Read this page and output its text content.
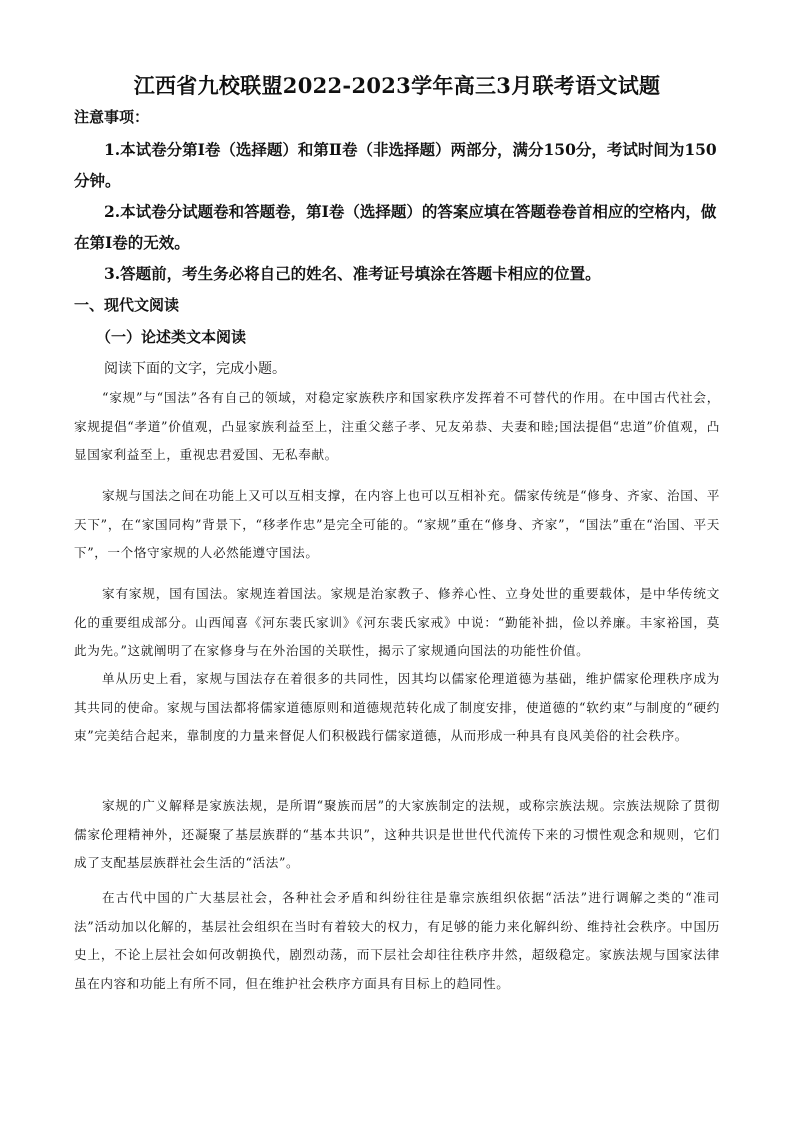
江西省九校联盟2022-2023学年高三3月联考语文试题
注意事项：
1.本试卷分第Ⅰ卷（选择题）和第Ⅱ卷（非选择题）两部分，满分150分，考试时间为150分钟。
2.本试卷分试题卷和答题卷，第Ⅰ卷（选择题）的答案应填在答题卷卷首相应的空格内，做在第Ⅰ卷的无效。
3.答题前，考生务必将自己的姓名、准考证号填涂在答题卡相应的位置。
一、现代文阅读
（一）论述类文本阅读
阅读下面的文字，完成小题。
“家规”与“国法”各有自己的领域，对稳定家族秩序和国家秩序发挥着不可替代的作用。在中国古代社会，家规提倡“孝道”价值观，凸显家族利益至上，注重父慈子孝、兄友弟恭、夫妻和睦;国法提倡“忠道”价值观，凸显国家利益至上，重视忠君爱国、无私奉献。
家规与国法之间在功能上又可以互相支撑，在内容上也可以互相补充。儒家传统是“修身、齐家、治国、平天下”，在“家国同构”背景下，“移孝作忠”是完全可能的。“家规”重在“修身、齐家”，“国法”重在“治国、平天下”，一个恪守家规的人必然能遵守国法。
家有家规，国有国法。家规连着国法。家规是治家教子、修养心性、立身处世的重要载体，是中华传统文化的重要组成部分。山西闻喜《河东裴氏家训》《河东裴氏家戒》中说：“勤能补拙，俭以养廉。丰家裕国，莫此为先。”这就阐明了在家修身与在外治国的关联性，揭示了家规通向国法的功能性价值。
单从历史上看，家规与国法存在着很多的共同性，因其均以儒家伦理道德为基础，维护儒家伦理秩序成为其共同的使命。家规与国法都将儒家道德原则和道德规范转化成了制度安排，使道德的“软约束”与制度的“硬约束”完美结合起来，靠制度的力量来督促人们积极践行儒家道德，从而形成一种具有良风美俗的社会秩序。
家规的广义解释是家族法规，是所谓“聚族而居”的大家族制定的法规，或称宗族法规。宗族法规除了贯彻儒家伦理精神外，还凝聚了基层族群的“基本共识”，这种共识是世世代代流传下来的习惯性观念和规则，它们成了支配基层族群社会生活的“活法”。
在古代中国的广大基层社会，各种社会矛盾和纠纷往往是靠宗族组织依据“活法”进行调解之类的“准司法”活动加以化解的，基层社会组织在当时有着较大的权力，有足够的能力来化解纠纷、维持社会秩序。中国历史上，不论上层社会如何改朝换代，剧烈动荡，而下层社会却往往秩序井然，超级稳定。家族法规与国家法律虽在内容和功能上有所不同，但在维护社会秩序方面具有目标上的趋同性。
